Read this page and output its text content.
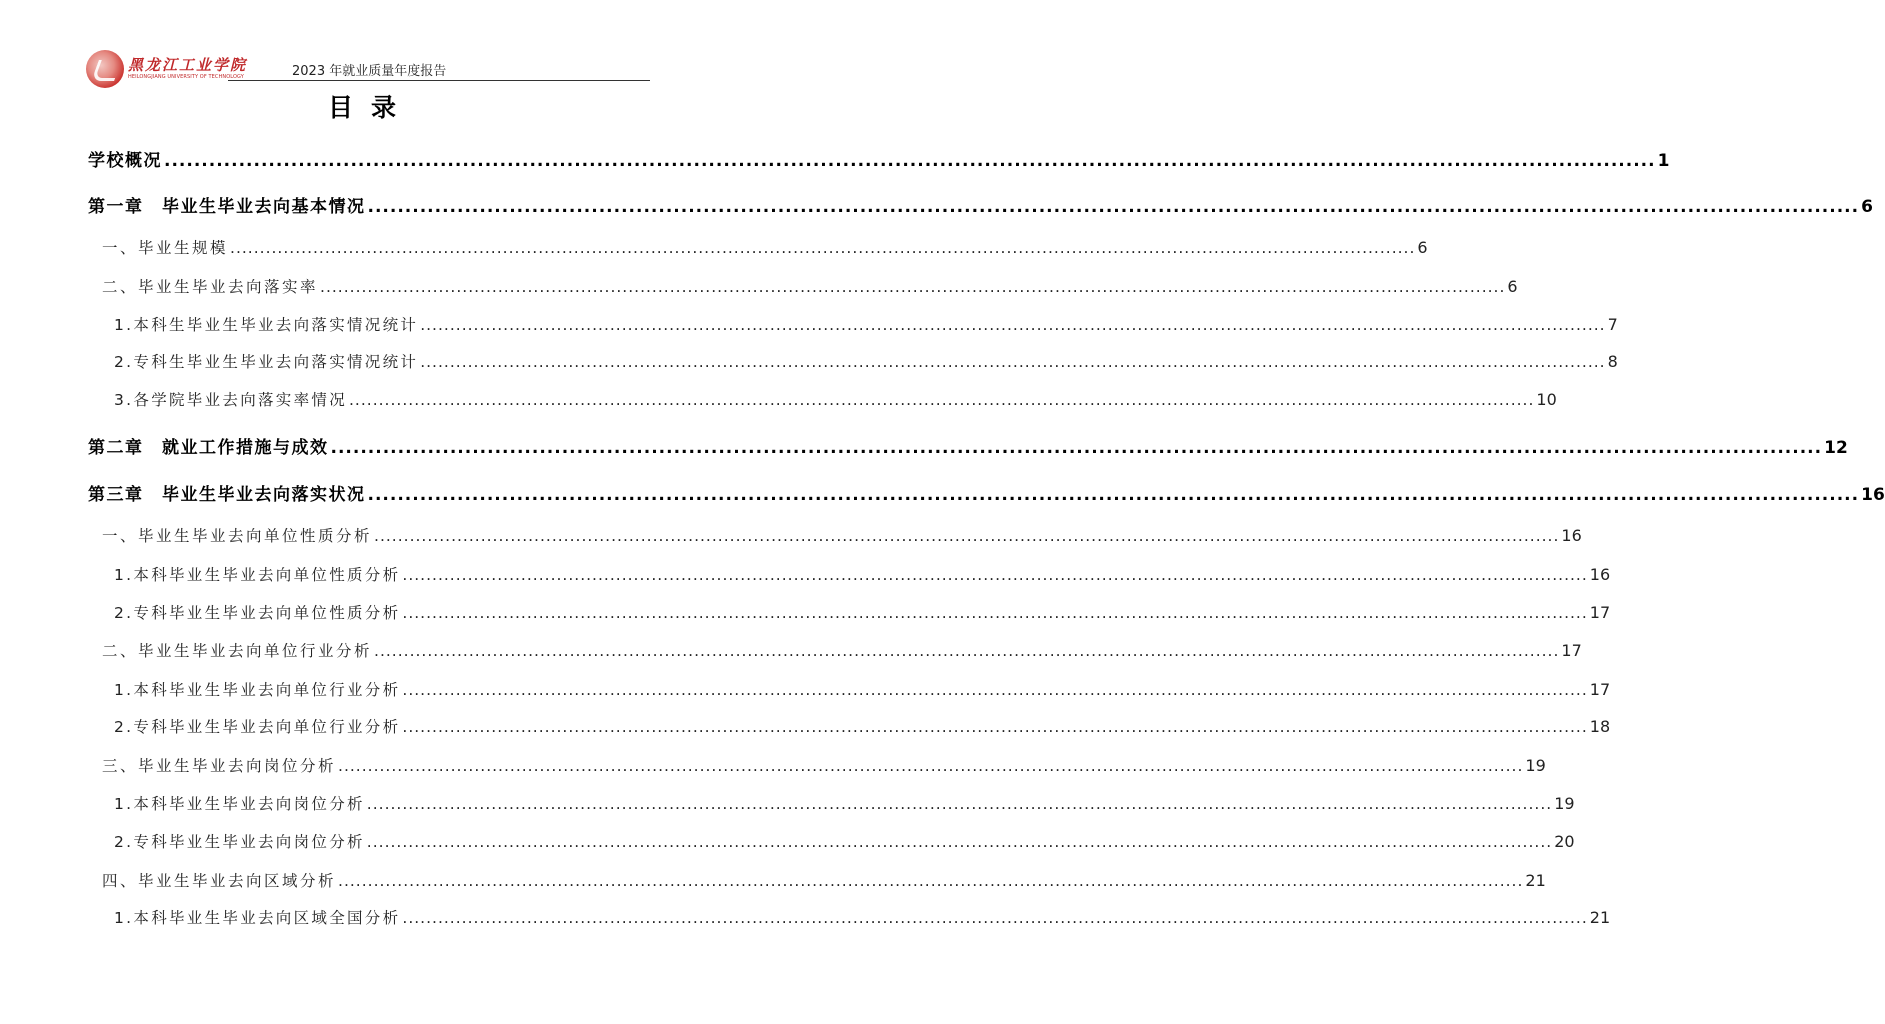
黑龙江工业学院
HEILONGJIANG UNIVERSITY OF TECHNOLOGY	2023 年就业质量年度报告
目录
学校概况 .....	1
第一章　毕业生毕业去向基本情况 .....	6
一、毕业生规模 .....	6
二、毕业生毕业去向落实率 .....	6
1.本科生毕业生毕业去向落实情况统计 .....	7
2.专科生毕业生毕业去向落实情况统计 .....	8
3.各学院毕业去向落实率情况 .....	10
第二章　就业工作措施与成效 .....	12
第三章　毕业生毕业去向落实状况 .....	16
一、毕业生毕业去向单位性质分析 .....	16
1.本科毕业生毕业去向单位性质分析 .....	16
2.专科毕业生毕业去向单位性质分析 .....	17
二、毕业生毕业去向单位行业分析 .....	17
1.本科毕业生毕业去向单位行业分析 .....	17
2.专科毕业生毕业去向单位行业分析 .....	18
三、毕业生毕业去向岗位分析 .....	19
1.本科毕业生毕业去向岗位分析 .....	19
2.专科毕业生毕业去向岗位分析 .....	20
四、毕业生毕业去向区域分析 .....	21
1.本科毕业生毕业去向区域全国分析 .....	21
